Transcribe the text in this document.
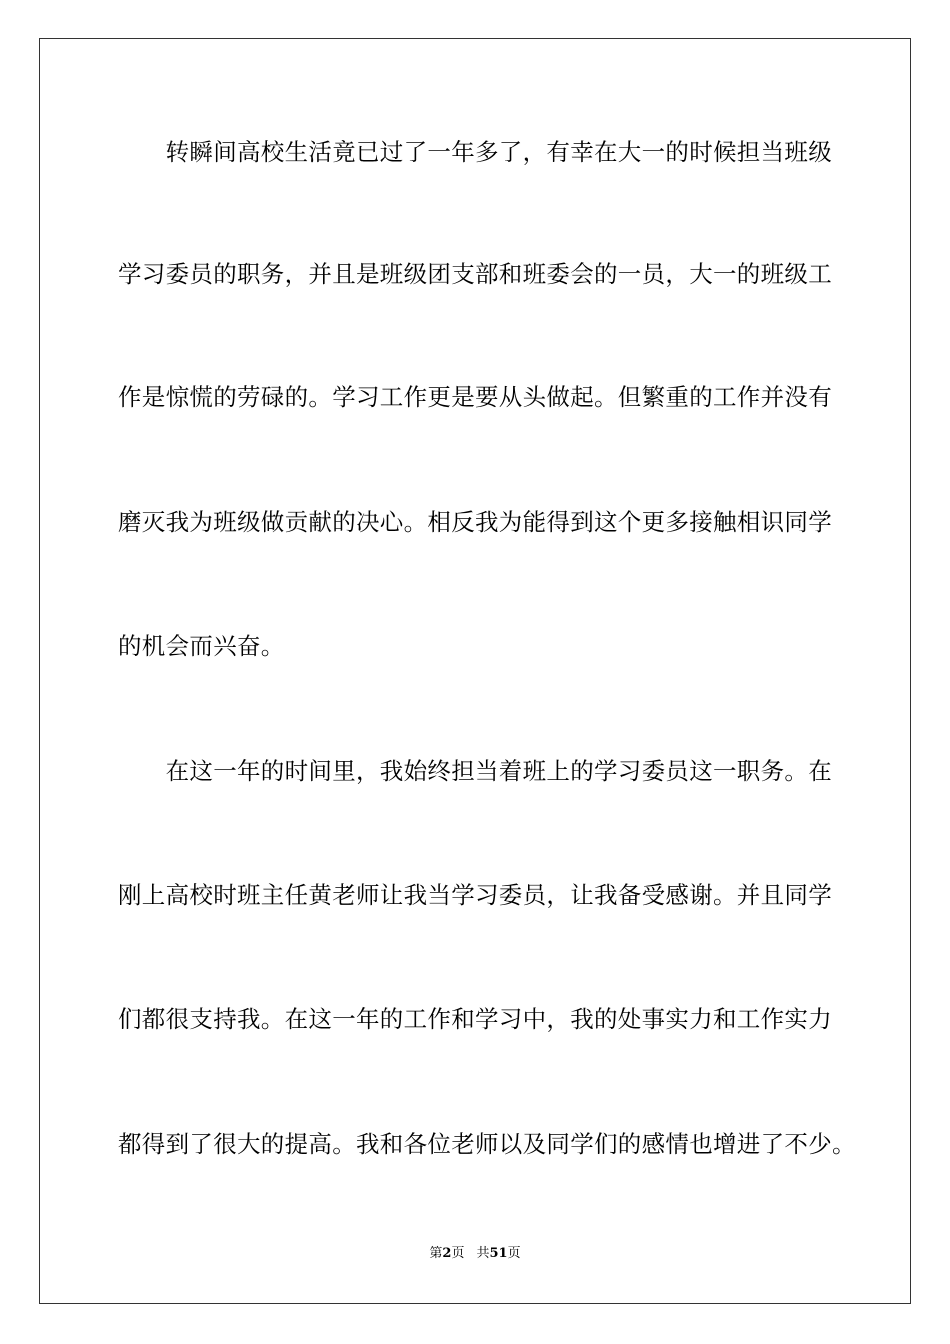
　　转瞬间高校生活竟已过了一年多了，有幸在大一的时候担当班级
学习委员的职务，并且是班级团支部和班委会的一员，大一的班级工
作是惊慌的劳碌的。学习工作更是要从头做起。但繁重的工作并没有
磨灭我为班级做贡献的决心。相反我为能得到这个更多接触相识同学
的机会而兴奋。
　　在这一年的时间里，我始终担当着班上的学习委员这一职务。在
刚上高校时班主任黄老师让我当学习委员，让我备受感谢。并且同学
们都很支持我。在这一年的工作和学习中，我的处事实力和工作实力
都得到了很大的提高。我和各位老师以及同学们的感情也增进了不少。
第2页 共51页
